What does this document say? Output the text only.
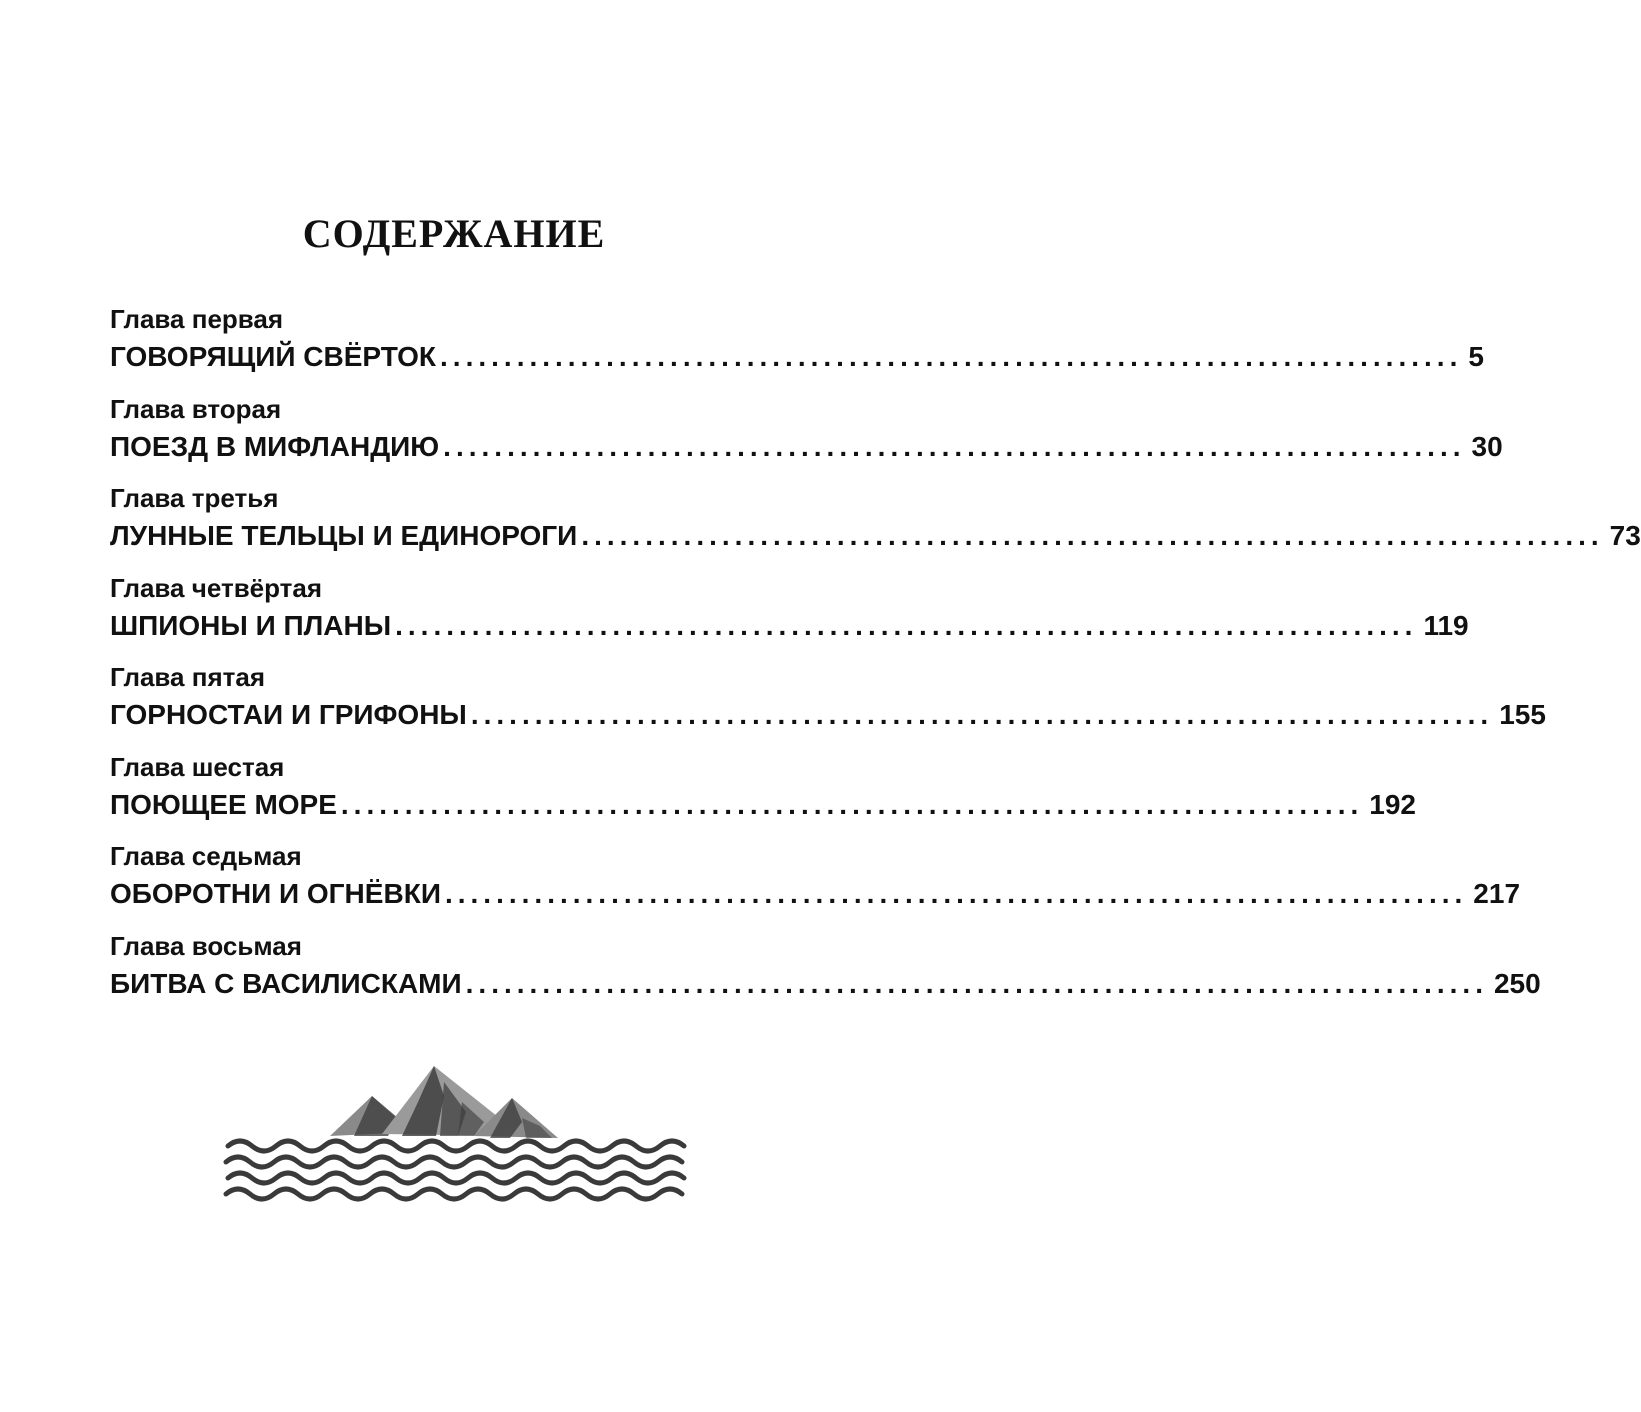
СОДЕРЖАНИЕ
Глава первая
ГОВОРЯЩИЙ СВЁРТОК ................................................................................ 5
Глава вторая
ПОЕЗД В МИФЛАНДИЮ ................................................................................ 30
Глава третья
ЛУННЫЕ ТЕЛЬЦЫ И ЕДИНОРОГИ ................................................................................ 73
Глава четвёртая
ШПИОНЫ И ПЛАНЫ ................................................................................ 119
Глава пятая
ГОРНОСТАИ И ГРИФОНЫ ................................................................................ 155
Глава шестая
ПОЮЩЕЕ МОРЕ ................................................................................ 192
Глава седьмая
ОБОРОТНИ И ОГНЁВКИ ................................................................................ 217
Глава восьмая
БИТВА С ВАСИЛИСКАМИ ................................................................................ 250
